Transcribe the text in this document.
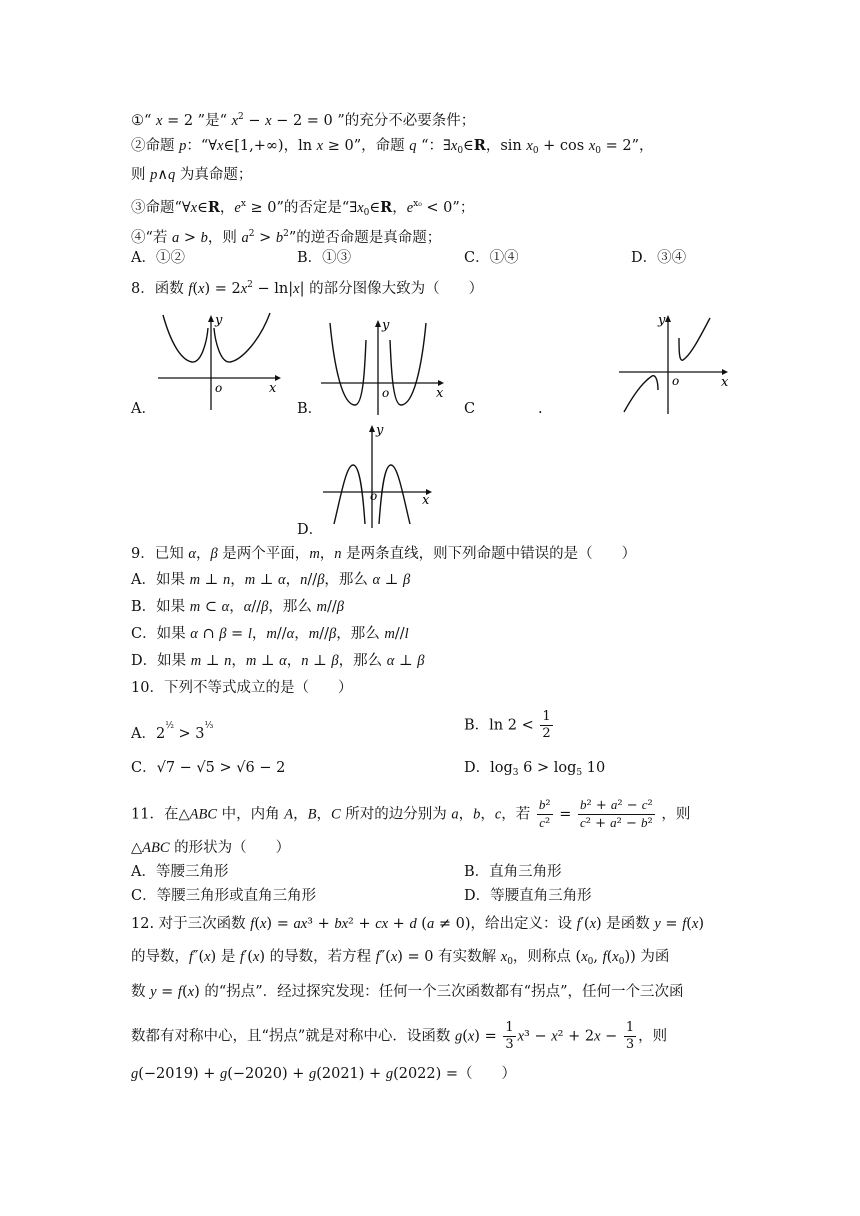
①“ x = 2 ”是“ $x^2 - x - 2 = 0$ ”的充分不必要条件；
②命题 p：“∀x∈[1,+∞)，ln x ≥ 0”，命题 q “：$\exists x_0\in R$，$\sin x_0 + \cos x_0 = 2$”，
则 p∧q 为真命题；
③命题“∀x∈R，$e^x \ge 0$”的否定是“$\exists x_0\in R$，$e^{x_0} < 0$”；
④“若 a > b，则 $a^2 > b^2$”的逆否命题是真命题；
A．①②	B．①③	C．①④	D．③④
8．函数 $f(x) = 2x^2 - \ln|x|$ 的部分图像大致为（　　）
o	x
y
A．
o	x
y
B．	C	.
o	x
y
o	x
y
D．
9．已知 α，β 是两个平面，m，n 是两条直线，则下列命题中错误的是（　　）
A．如果 m ⊥ n，m ⊥ α，n//β，那么 α ⊥ β
B．如果 m ⊂ α，α//β，那么 m//β
C．如果 α ∩ β = l，m//α，m//β，那么 m//l
D．如果 m ⊥ n，m ⊥ α，n ⊥ β，那么 α ⊥ β
10．下列不等式成立的是（　　）
A．$2^{\frac{1}{2}} > 3^{\frac{1}{3}}$	B．$\ln 2 < \frac{1}{2}$
C．√7 − √5 > √6 − 2	D．$\log_3 6 > \log_5 10$
11．在△ABC 中，内角 A，B，C 所对的边分别为 a，b，c，若 $\frac{\text{b²}}{\text{c²}} = \frac{\text{b² + a² − c²}}{\text{c² + a² − b²}}$ ，则
△ABC 的形状为（　　）
A．等腰三角形	B．直角三角形
C．等腰三角形或直角三角形	D．等腰直角三角形
12. 对于三次函数 f(x) = ax³ + bx² + cx + d (a ≠ 0)，给出定义：设 f′(x) 是函数 y = f(x)
的导数，f″(x) 是 f′(x) 的导数，若方程 f″(x) = 0 有实数解 $x_0$，则称点 ($x_0$, $f(x_0)$) 为函
数 y = f(x) 的“拐点”．经过探究发现：任何一个三次函数都有“拐点”，任何一个三次函
数都有对称中心，且“拐点”就是对称中心．设函数 $g(x) = \frac{1}{3} x^3 - x^2 + 2x - \frac{1}{3}$ ，则
g(−2019) + g(−2020) + g(2021) + g(2022) =（　　）
